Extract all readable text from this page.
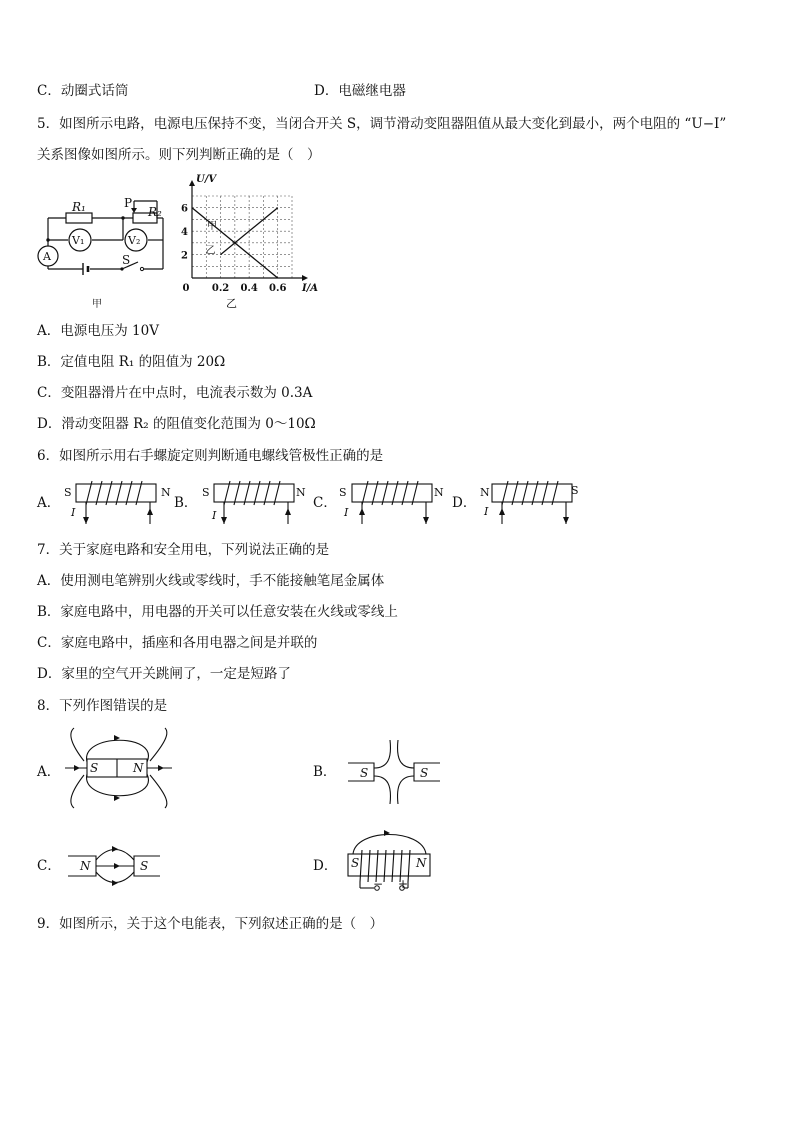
C．动圈式话筒	D．电磁继电器
5．如图所示电路，电源电压保持不变，当闭合开关 S，调节滑动变阻器阻值从最大变化到最小，两个电阻的 “U−I”
关系图像如图所示。则下列判断正确的是（　）
R₁	P
R₂
V₁	V₂
A	S
甲
2
4
6
0.2 0.4 0.6
0
U/V
I/A
甲
乙
乙
A．电源电压为 10V
B．定值电阻 R₁ 的阻值为 20Ω
C．变阻器滑片在中点时，电流表示数为 0.3A
D．滑动变阻器 R₂ 的阻值变化范围为 0～10Ω
6．如图所示用右手螺旋定则判断通电螺线管极性正确的是
A．
S	N
I
B．
S	N
I
C．
S	N
I
D．
N	S
I
7．关于家庭电路和安全用电，下列说法正确的是
A．使用测电笔辨别火线或零线时，手不能接触笔尾金属体
B．家庭电路中，用电器的开关可以任意安装在火线或零线上
C．家庭电路中，插座和各用电器之间是并联的
D．家里的空气开关跳闸了，一定是短路了
8．下列作图错误的是
A． S	N	B． S	S
C． N	S	D． S	N
− +
9．如图所示，关于这个电能表，下列叙述正确的是（　）
